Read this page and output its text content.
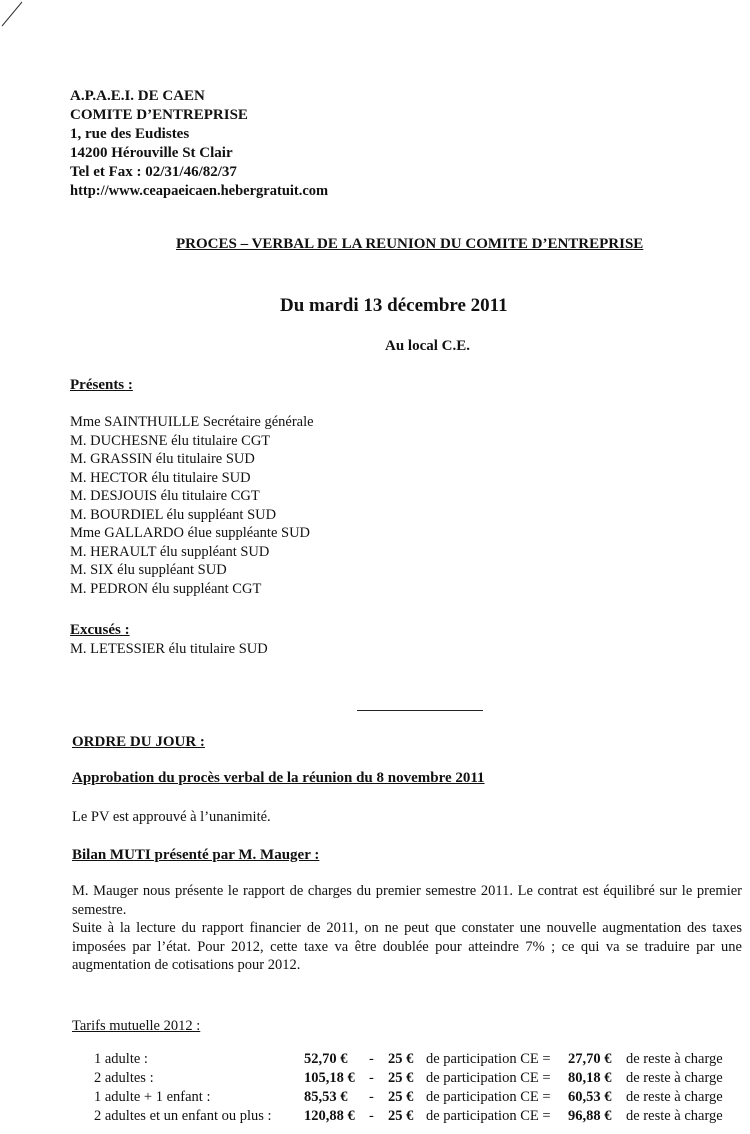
A.P.A.E.I. DE CAEN
COMITE D’ENTREPRISE
1, rue des Eudistes
14200 Hérouville St Clair
Tel et Fax : 02/31/46/82/37
http://www.ceapaeicaen.hebergratuit.com
PROCES – VERBAL DE LA REUNION DU COMITE D’ENTREPRISE
Du mardi 13 décembre 2011
Au local C.E.
Présents :
Mme SAINTHUILLE Secrétaire générale
M. DUCHESNE élu titulaire CGT
M. GRASSIN élu titulaire SUD
M. HECTOR élu titulaire SUD
M. DESJOUIS élu titulaire CGT
M. BOURDIEL élu suppléant SUD
Mme GALLARDO élue suppléante SUD
M. HERAULT élu suppléant SUD
M. SIX élu suppléant SUD
M. PEDRON élu suppléant CGT
Excusés :
M. LETESSIER élu titulaire SUD
ORDRE DU JOUR :
Approbation du procès verbal de la réunion du 8 novembre 2011
Le PV est approuvé à l’unanimité.
Bilan MUTI présenté par M. Mauger :
M. Mauger nous présente le rapport de charges du premier semestre 2011. Le contrat est équilibré sur le premier semestre.
Suite à la lecture du rapport financier de 2011, on ne peut que constater une nouvelle augmentation des taxes imposées par l’état. Pour 2012, cette taxe va être doublée pour atteindre 7% ; ce qui va se traduire par une augmentation de cotisations pour 2012.
Tarifs mutuelle 2012 :
1 adulte :	52,70 € - 25 € de participation CE = 27,70 € de reste à charge
2 adultes :	105,18 € - 25 € de participation CE = 80,18 € de reste à charge
1 adulte + 1 enfant :	85,53 € - 25 € de participation CE = 60,53 € de reste à charge
2 adultes et un enfant ou plus : 120,88 € - 25 € de participation CE = 96,88 € de reste à charge
